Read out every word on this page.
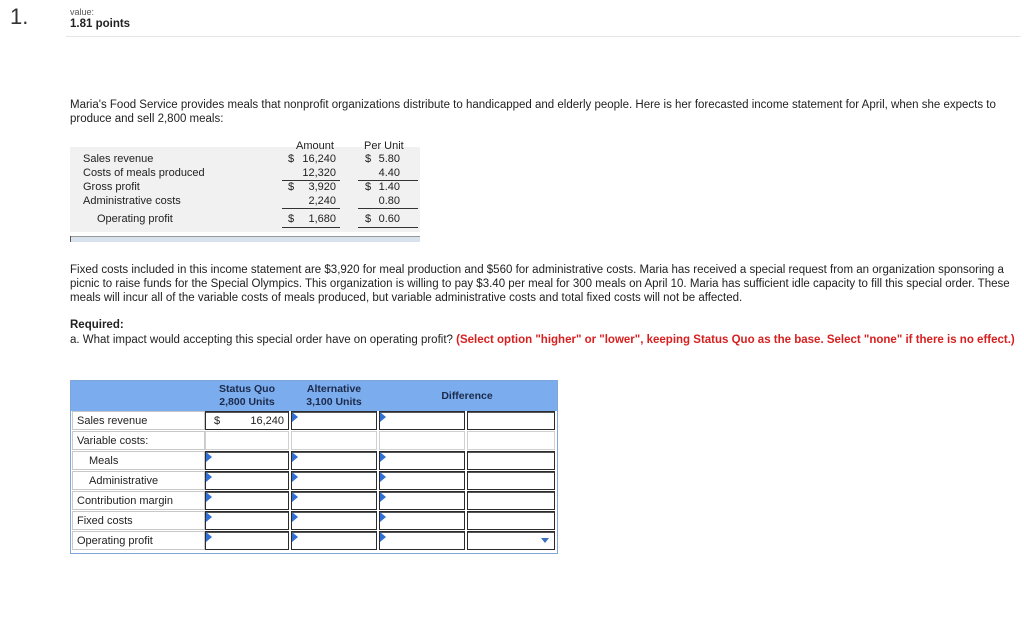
1.	value:
1.81 points
Maria's Food Service provides meals that nonprofit organizations distribute to handicapped and elderly people. Here is her forecasted income statement for April, when she expects to produce and sell 2,800 meals:
Amount	Per Unit
Sales revenue	$ 16,240	$ 5.80
Costs of meals produced	12,320	4.40
Gross profit	$	3,920	$ 1.40
Administrative costs	2,240	0.80
Operating profit	$	1,680	$ 0.60
Fixed costs included in this income statement are $3,920 for meal production and $560 for administrative costs. Maria has received a special request from an organization sponsoring a picnic to raise funds for the Special Olympics. This organization is willing to pay $3.40 per meal for 300 meals on April 10. Maria has sufficient idle capacity to fill this special order. These meals will incur all of the variable costs of meals produced, but variable administrative costs and total fixed costs will not be affected.
Required:
a. What impact would accepting this special order have on operating profit? (Select option "higher" or "lower", keeping Status Quo as the base. Select "none" if there is no effect.)
Status Quo
2,800 Units
Alternative
3,100 Units
Difference
Sales revenue	$	16,240
Variable costs:
Meals
Administrative
Contribution margin
Fixed costs
Operating profit
